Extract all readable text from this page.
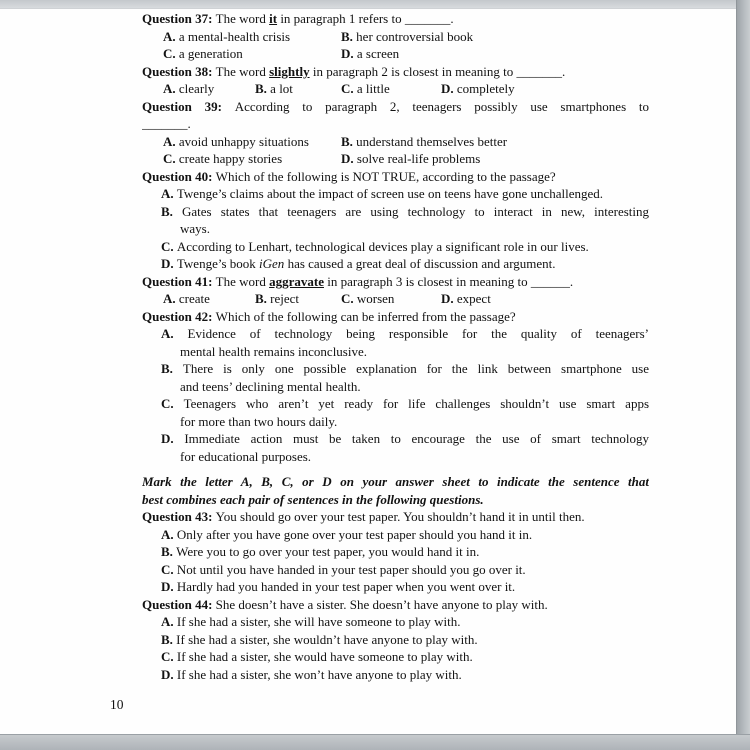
Question 37: The word it in paragraph 1 refers to _______.

A. a mental-health crisis	B. her controversial book
C. a generation	D. a screen

Question 38: The word slightly in paragraph 2 is closest in meaning to _______.

A. clearly	B. a lot	C. a little	D. completely

Question 39: According to paragraph 2, teenagers possibly use smartphones to

_______.

A. avoid unhappy situations	B. understand themselves better
C. create happy stories	D. solve real-life problems

Question 40: Which of the following is NOT TRUE, according to the passage?

A. Twenge’s claims about the impact of screen use on teens have gone unchallenged.
B. Gates states that teenagers are using technology to interact in new, interesting
ways.
C. According to Lenhart, technological devices play a significant role in our lives.
D. Twenge’s book iGen has caused a great deal of discussion and argument.

Question 41: The word aggravate in paragraph 3 is closest in meaning to ______.

A. create	B. reject	C. worsen	D. expect

Question 42: Which of the following can be inferred from the passage?

A. Evidence of technology being responsible for the quality of teenagers’
mental health remains inconclusive.
B. There is only one possible explanation for the link between smartphone use
and teens’ declining mental health.
C. Teenagers who aren’t yet ready for life challenges shouldn’t use smart apps
for more than two hours daily.
D. Immediate action must be taken to encourage the use of smart technology
for educational purposes.

Mark the letter A, B, C, or D on your answer sheet to indicate the sentence that

best combines each pair of sentences in the following questions.

Question 43: You should go over your test paper. You shouldn’t hand it in until then.

A. Only after you have gone over your test paper should you hand it in.
B. Were you to go over your test paper, you would hand it in.
C. Not until you have handed in your test paper should you go over it.
D. Hardly had you handed in your test paper when you went over it.

Question 44: She doesn’t have a sister. She doesn’t have anyone to play with.

A. If she had a sister, she will have someone to play with.
B. If she had a sister, she wouldn’t have anyone to play with.
C. If she had a sister, she would have someone to play with.
D. If she had a sister, she won’t have anyone to play with.
10
